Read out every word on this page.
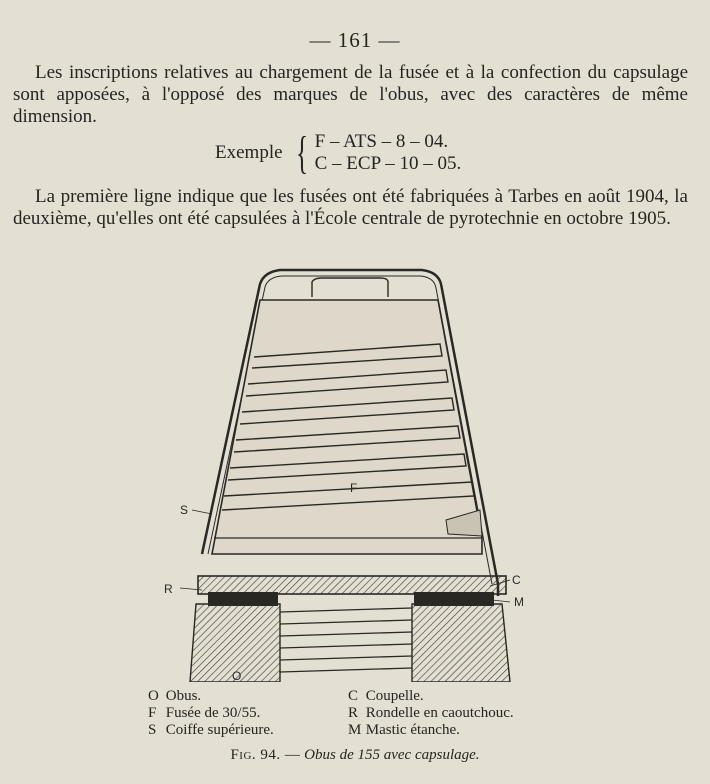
— 161 —

Les inscriptions relatives au chargement de la fusée et à la confection du capsulage sont apposées, à l'opposé des marques de l'obus, avec des caractères de même dimension.

Exemple { F – ATS – 8 – 04.
C – ECP – 10 – 05.

La première ligne indique que les fusées ont été fabriquées à Tarbes en août 1904, la deuxième, qu'elles ont été capsulées à l'École centrale de pyrotechnie en octobre 1905.

S
F
R
C
M
O
O Obus.
F Fusée de 30/55.
S Coiffe supérieure.
C Coupelle.
R Rondelle en caoutchouc.
M Mastic étanche.
Fig. 94. — Obus de 155 avec capsulage.
